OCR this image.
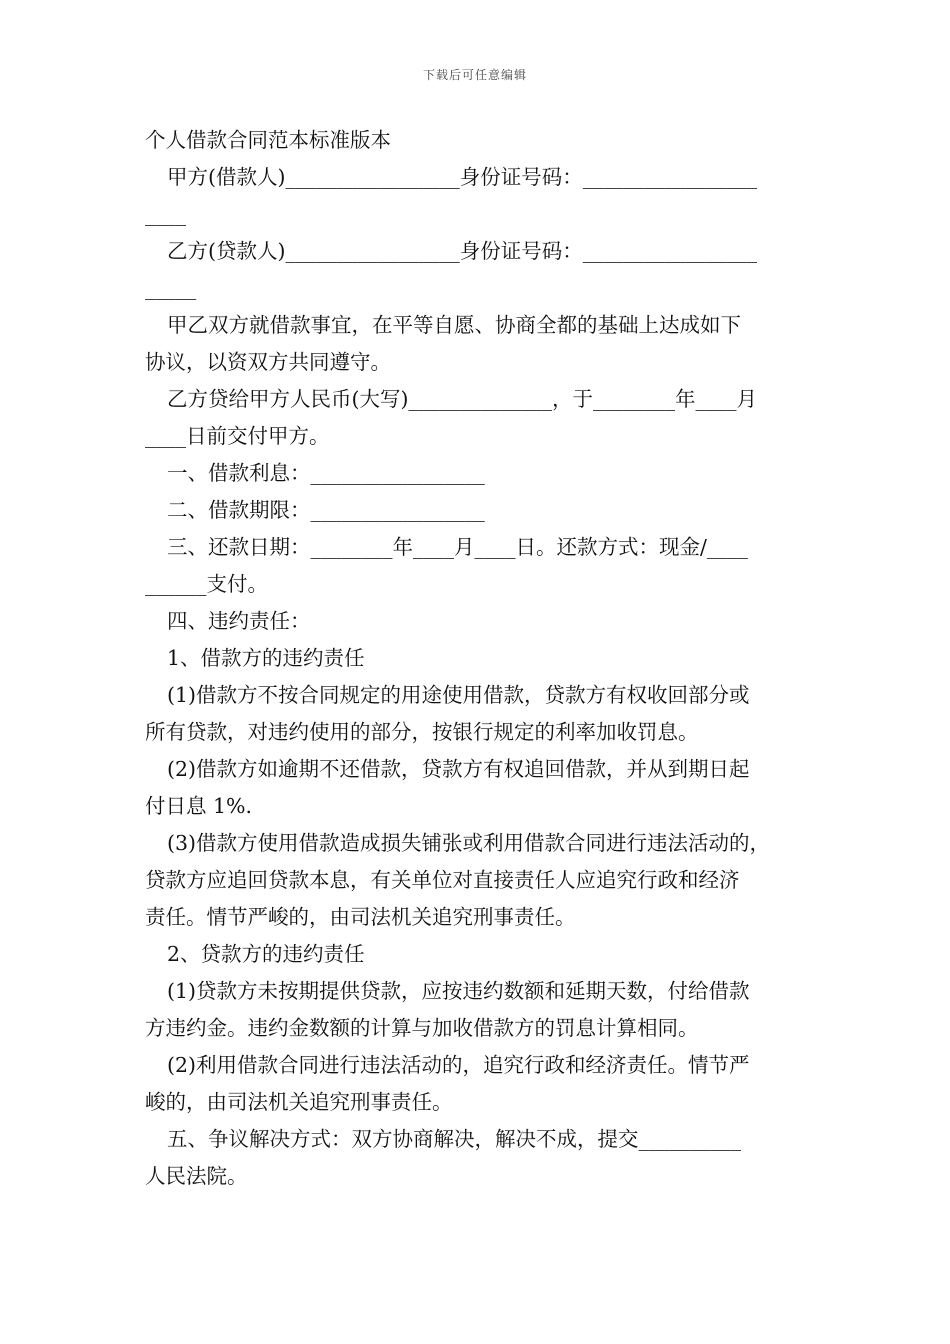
下载后可任意编辑

个人借款合同范本标准版本

甲方(借款人)_________________身份证号码：_________________
____

乙方(贷款人)_________________身份证号码：_________________
_____

甲乙双方就借款事宜，在平等自愿、协商全都的基础上达成如下
协议，以资双方共同遵守。

乙方贷给甲方人民币(大写)______________，于________年____月
____日前交付甲方。

一、借款利息：_________________

二、借款期限：_________________

三、还款日期：________年____月____日。还款方式：现金/____
______支付。

四、违约责任：

1、借款方的违约责任

(1)借款方不按合同规定的用途使用借款，贷款方有权收回部分或
所有贷款，对违约使用的部分，按银行规定的利率加收罚息。

(2)借款方如逾期不还借款，贷款方有权追回借款，并从到期日起
付日息 1%.

(3)借款方使用借款造成损失铺张或利用借款合同进行违法活动的，
贷款方应追回贷款本息，有关单位对直接责任人应追究行政和经济
责任。情节严峻的，由司法机关追究刑事责任。

2、贷款方的违约责任

(1)贷款方未按期提供贷款，应按违约数额和延期天数，付给借款
方违约金。违约金数额的计算与加收借款方的罚息计算相同。

(2)利用借款合同进行违法活动的，追究行政和经济责任。情节严
峻的，由司法机关追究刑事责任。

五、争议解决方式：双方协商解决，解决不成，提交__________
人民法院。
